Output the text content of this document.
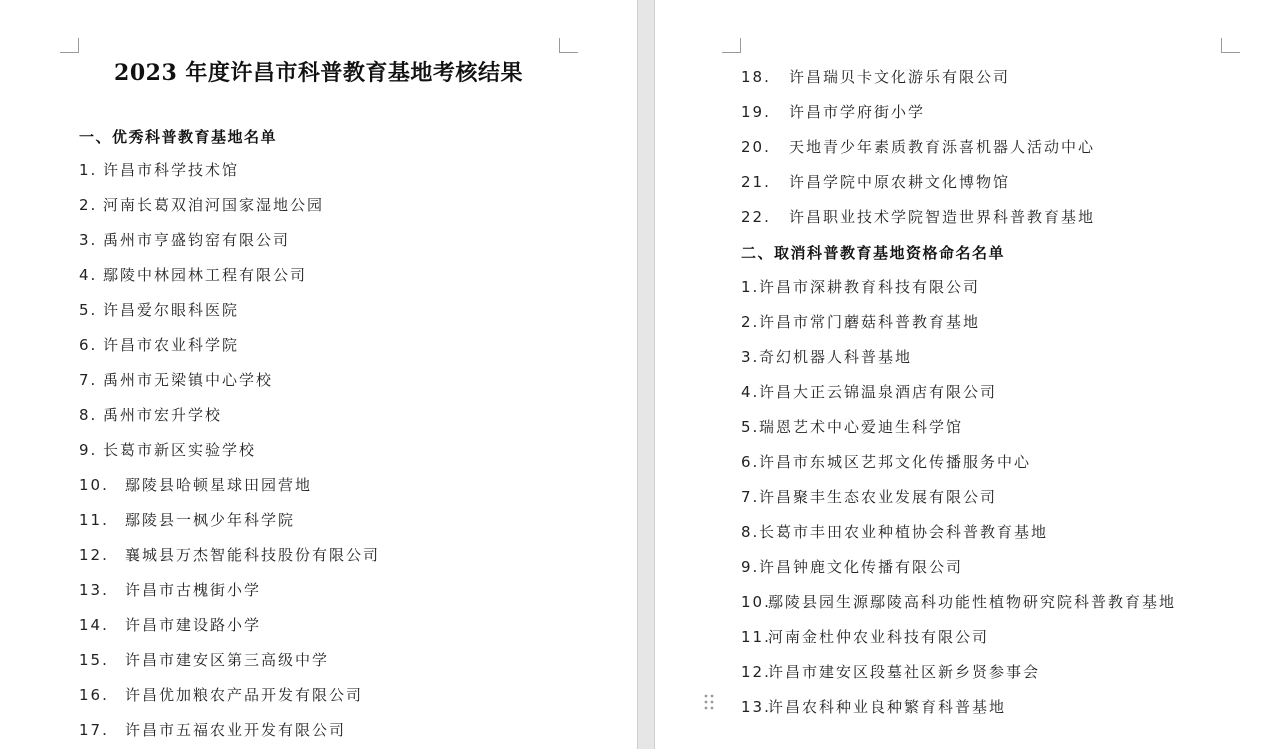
2023 年度许昌市科普教育基地考核结果
一、优秀科普教育基地名单
1. 许昌市科学技术馆
2. 河南长葛双洎河国家湿地公园
3. 禹州市亨盛钧窑有限公司
4. 鄢陵中林园林工程有限公司
5. 许昌爱尔眼科医院
6. 许昌市农业科学院
7. 禹州市无梁镇中心学校
8. 禹州市宏升学校
9. 长葛市新区实验学校
10. 鄢陵县哈顿星球田园营地
11. 鄢陵县一枫少年科学院
12. 襄城县万杰智能科技股份有限公司
13. 许昌市古槐街小学
14. 许昌市建设路小学
15. 许昌市建安区第三高级中学
16. 许昌优加粮农产品开发有限公司
17. 许昌市五福农业开发有限公司
18. 许昌瑞贝卡文化游乐有限公司
19. 许昌市学府街小学
20. 天地青少年素质教育泺喜机器人活动中心
21. 许昌学院中原农耕文化博物馆
22. 许昌职业技术学院智造世界科普教育基地
二、取消科普教育基地资格命名名单
1.许昌市深耕教育科技有限公司
2.许昌市常门蘑菇科普教育基地
3.奇幻机器人科普基地
4.许昌大正云锦温泉酒店有限公司
5.瑞恩艺术中心爱迪生科学馆
6.许昌市东城区艺邦文化传播服务中心
7.许昌聚丰生态农业发展有限公司
8.长葛市丰田农业种植协会科普教育基地
9.许昌钟鹿文化传播有限公司
10.鄢陵县园生源鄢陵高科功能性植物研究院科普教育基地
11.河南金杜仲农业科技有限公司
12.许昌市建安区段墓社区新乡贤参事会
13.许昌农科种业良种繁育科普基地
